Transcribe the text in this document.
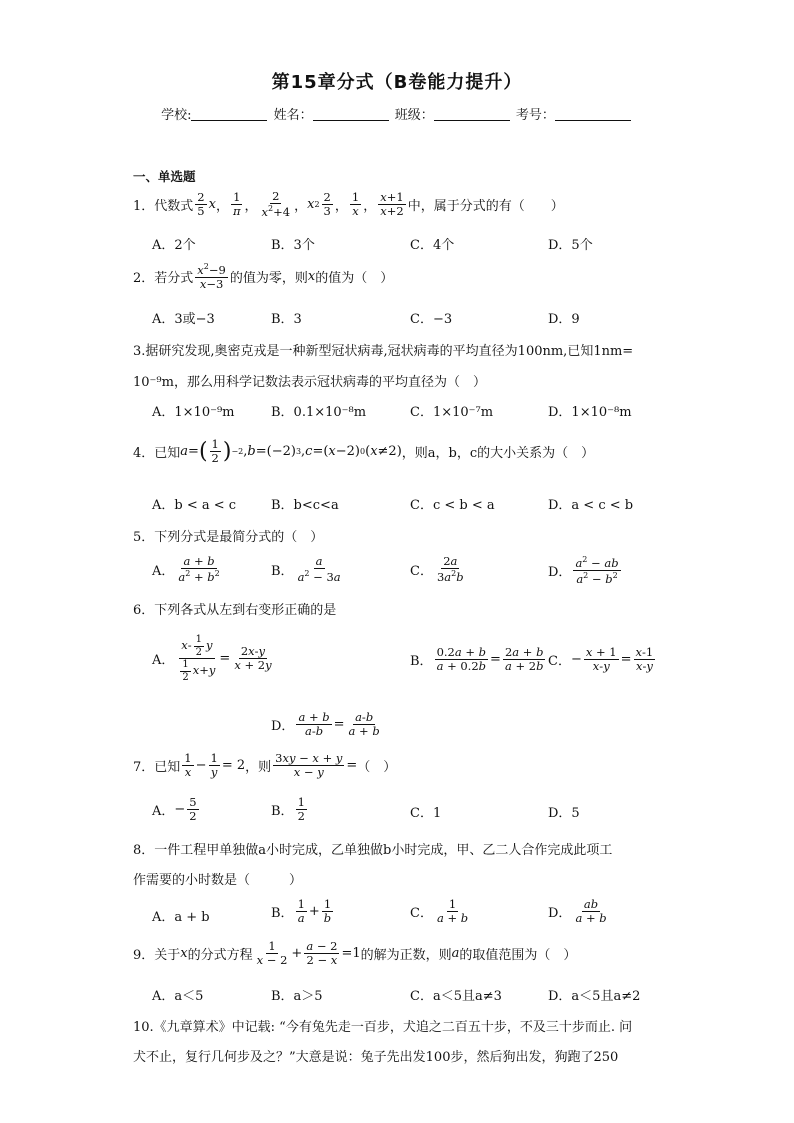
第15章分式（B卷能力提升）
学校:	姓名：	班级：	考号：
一、单选题
1．代数式 $\frac{2}{5}$ x ， $\frac{1}{\pi}$ ， $\frac{2}{x^2+4}$ ， x $2 \frac{2}{3}$ ， $\frac{1}{x}$ ， $\frac{x+1}{x+2}$ 中，属于分式的有（　　）
A．2个	B．3个	C．4个	D．5个
2．若分式 $\frac{x^2-9}{x-3}$ 的值为零，则 x 的值为（　）
A．3或−3	B．3	C．−3	D．9
3.据研究发现,奥密克戎是一种新型冠状病毒,冠状病毒的平均直径为100nm,已知1nm=
10⁻⁹m，那么用科学记数法表示冠状病毒的平均直径为（　）
A．1×10⁻⁹m	B．0.1×10⁻⁸m	C．1×10⁻⁷m	D．1×10⁻⁸m
4．已知 a = ( $\frac{1}{2}$ ) −2 , b =(−2) 3 , c =( x −2) 0 ( x ≠2) ，则a，b，c的大小关系为（　）
A．b < a < c	B．b<c<a	C．c < b < a	D．a < c < b
5．下列分式是最简分式的（　）
A． $\frac{a + b}{a^2 + b^2}$	B． $\frac{a}{a^2 - 3a}$	C． $\frac{2a}{3a^2b}$	D． $\frac{a^2 - ab}{a^2 - b^2}$
6．下列各式从左到右变形正确的是
A． $\frac{x- \frac{1}{2} y}{\frac{1}{2} x+y} = \frac{2x-y}{x + 2y}$	B． $\frac{0.2a + b}{a + 0.2b} = \frac{2a + b}{a + 2b}$ C． − $\frac{x + 1}{x-y} = \frac{x-1}{x-y}$
D． $\frac{a + b}{a-b} = \frac{a-b}{a + b}$
7．已知 $\frac{1}{x} - \frac{1}{y} = 2$ ，则 $\frac{3xy - x + y}{x - y}$ = （　）
A． − $\frac{5}{2}$	B． $\frac{1}{2}$	C．1	D．5
8．一件工程甲单独做a小时完成，乙单独做b小时完成，甲、乙二人合作完成此项工
作需要的小时数是（　　　）
A．a + b	B． $\frac{1}{a} + \frac{1}{b}$	C． $\frac{1}{a + b}$	D． $\frac{ab}{a + b}$
9．关于 x 的分式方程 $\frac{1}{x - 2} + \frac{a - 2}{2 - x} =1$ 的解为正数，则 a 的取值范围为（　）
A．a＜5	B．a＞5	C．a＜5且a≠3	D．a＜5且a≠2
10.《九章算术》中记载: “今有兔先走一百步，犬追之二百五十步，不及三十步而止. 问
犬不止，复行几何步及之？”大意是说：兔子先出发100步，然后狗出发，狗跑了250
